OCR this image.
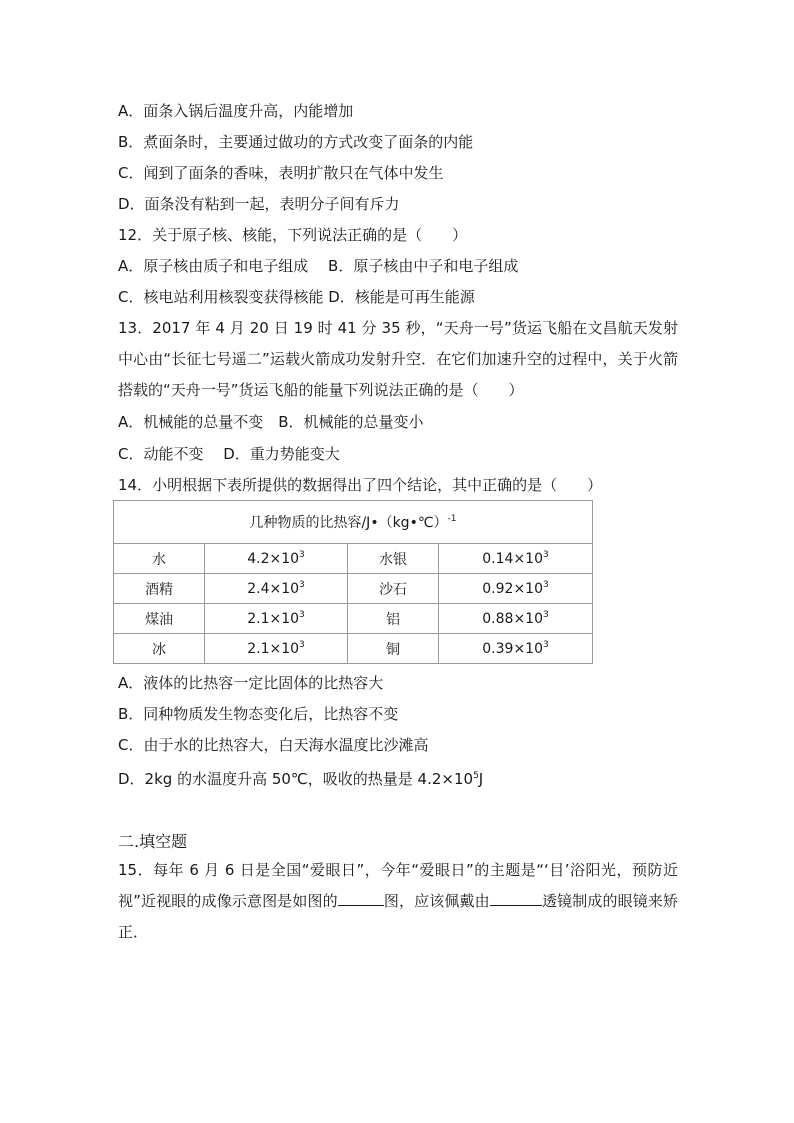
A．面条入锅后温度升高，内能增加
B．煮面条时，主要通过做功的方式改变了面条的内能
C．闻到了面条的香味，表明扩散只在气体中发生
D．面条没有粘到一起，表明分子间有斥力
12．关于原子核、核能，下列说法正确的是（　　）
A．原子核由质子和电子组成　 B．原子核由中子和电子组成
C．核电站利用核裂变获得核能 D．核能是可再生能源
13．2017 年 4 月 20 日 19 时 41 分 35 秒，“天舟一号”货运飞船在文昌航天发射中心由“长征七号遥二”运载火箭成功发射升空．在它们加速升空的过程中，关于火箭搭载的“天舟一号”货运飞船的能量下列说法正确的是（　　）
A．机械能的总量不变　B．机械能的总量变小
C．动能不变　 D．重力势能变大
14．小明根据下表所提供的数据得出了四个结论，其中正确的是（　　）
几种物质的比热容/J•（kg•℃）$^{-1}$
水	$4.2\times 10^3$	水银	$0.14\times 10^3$
酒精	$2.4\times 10^3$	沙石	$0.92\times 10^3$
煤油	$2.1\times 10^3$	铝	$0.88\times 10^3$
冰	$2.1\times 10^3$	铜	$0.39\times 10^3$
A．液体的比热容一定比固体的比热容大
B．同种物质发生物态变化后，比热容不变
C．由于水的比热容大，白天海水温度比沙滩高
D．2kg 的水温度升高 50℃，吸收的热量是 $4.2\times 10^5J$
二.填空题
15．每年 6 月 6 日是全国“爱眼日”，今年“爱眼日”的主题是“‘目’浴阳光，预防近视”近视眼的成像示意图是如图的	图，应该佩戴由	透镜制成的眼镜来矫正．
